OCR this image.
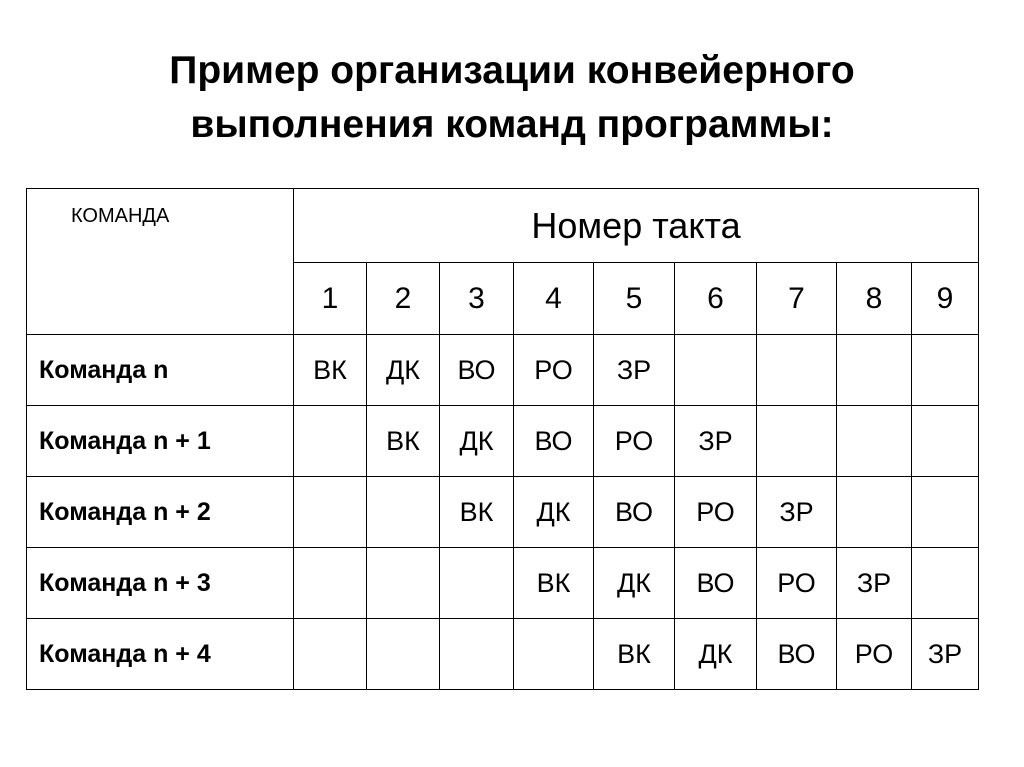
Пример организации конвейерного
выполнения команд программы:
КОМАНДА	Номер такта								
	1	2	3	4	5	6	7	8	9
Команда n	ВК	ДК	ВО	РО	ЗР				
Команда n + 1		ВК	ДК	ВО	РО	ЗР			
Команда n + 2			ВК	ДК	ВО	РО	ЗР		
Команда n + 3				ВК	ДК	ВО	РО	ЗР	
Команда n + 4					ВК	ДК	ВО	РО	ЗР
